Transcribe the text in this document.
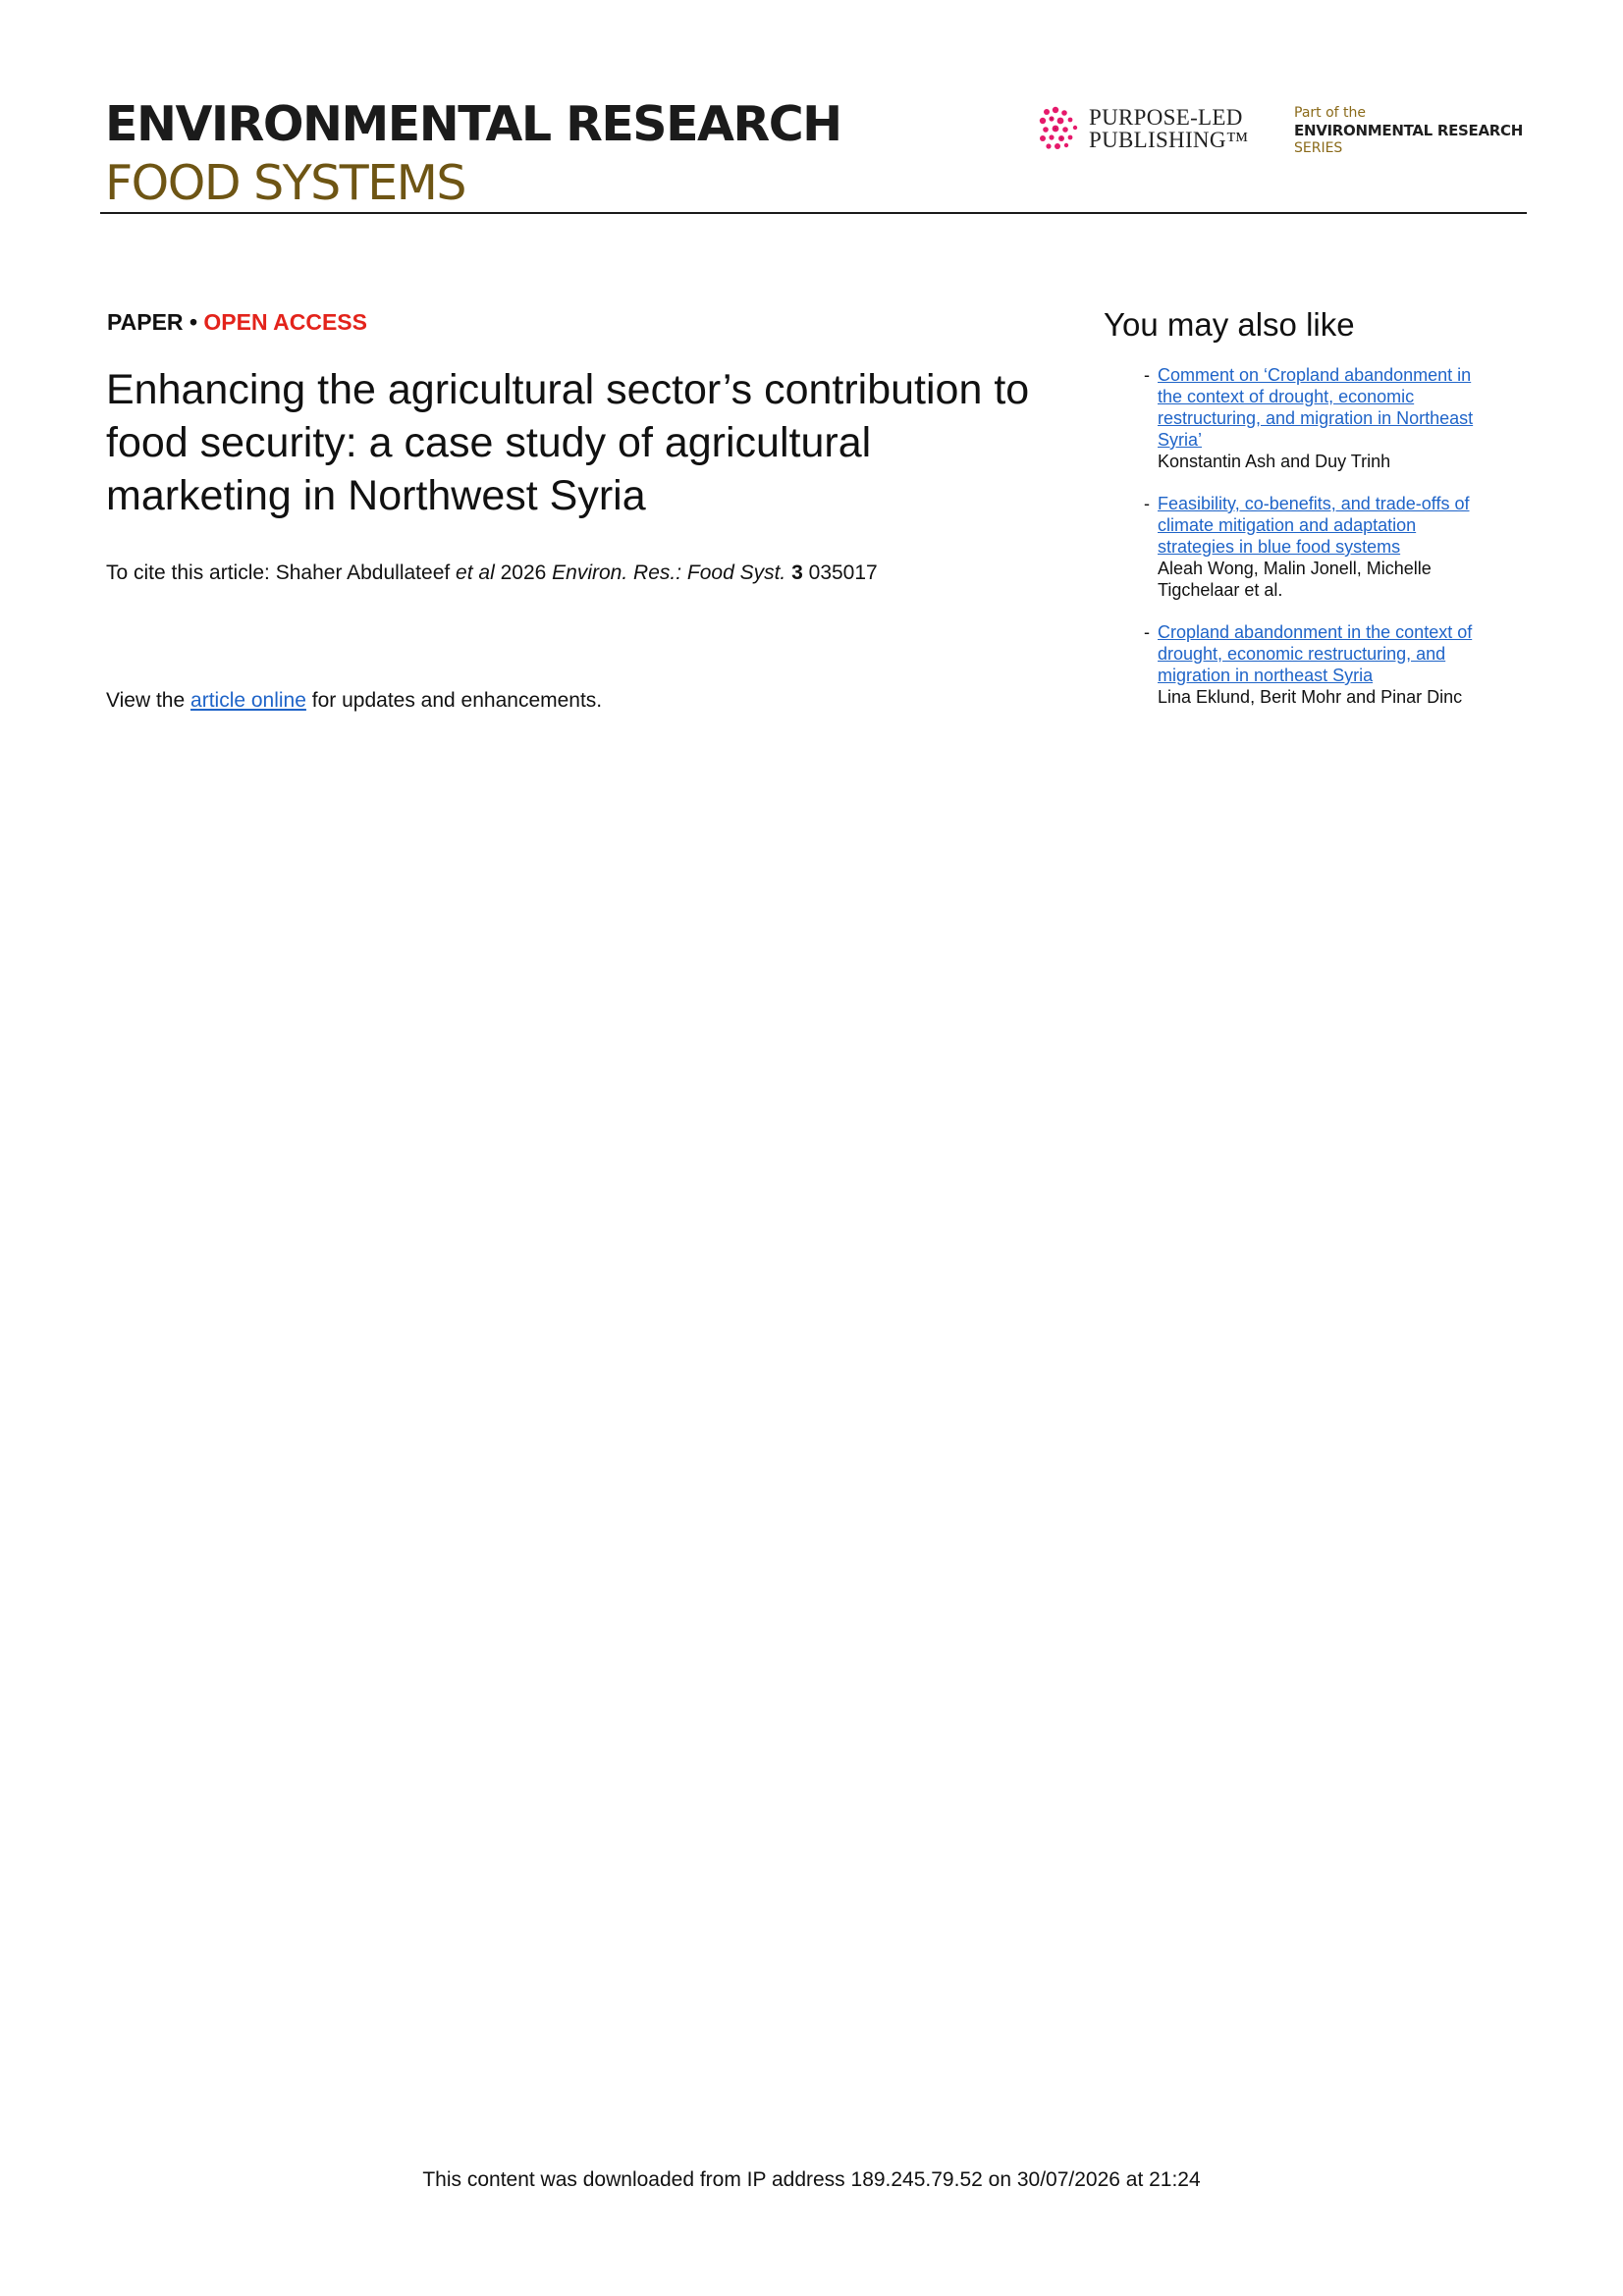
ENVIRONMENTAL RESEARCH
FOOD SYSTEMS
PURPOSE-LED
PUBLISHING™
Part of the
ENVIRONMENTAL RESEARCH
SERIES
PAPER • OPEN ACCESS
Enhancing the agricultural sector’s contribution to
food security: a case study of agricultural
marketing in Northwest Syria
To cite this article: Shaher Abdullateef et al 2026 Environ. Res.: Food Syst. 3 035017
View the article online for updates and enhancements.
You may also like
- Comment on ‘Cropland abandonment in
the context of drought, economic
restructuring, and migration in Northeast
Syria’
Konstantin Ash and Duy Trinh
- Feasibility, co-benefits, and trade-offs of
climate mitigation and adaptation
strategies in blue food systems
Aleah Wong, Malin Jonell, Michelle
Tigchelaar et al.
- Cropland abandonment in the context of
drought, economic restructuring, and
migration in northeast Syria
Lina Eklund, Berit Mohr and Pinar Dinc
This content was downloaded from IP address 189.245.79.52 on 30/07/2026 at 21:24
